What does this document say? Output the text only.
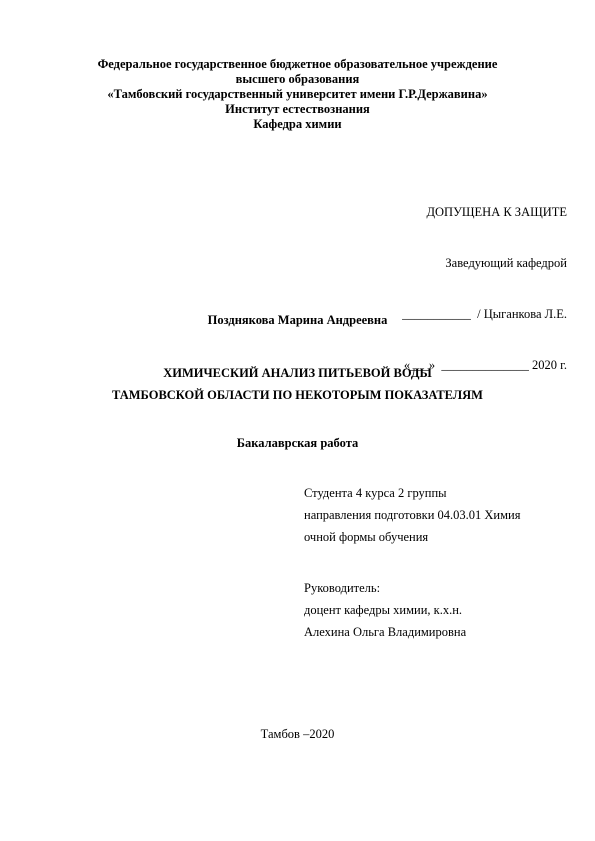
Федеральное государственное бюджетное образовательное учреждение
высшего образования
«Тамбовский государственный университет имени Г.Р.Державина»
Институт естествознания
Кафедра химии

ДОПУЩЕНА К ЗАЩИТЕ

Заведующий кафедрой

___________  / Цыганкова Л.Е.

«___»  ______________ 2020 г.

Позднякова Марина Андреевна
ХИМИЧЕСКИЙ АНАЛИЗ ПИТЬЕВОЙ ВОДЫ
ТАМБОВСКОЙ ОБЛАСТИ ПО НЕКОТОРЫМ ПОКАЗАТЕЛЯМ
Бакалаврская работа
Студента 4 курса 2 группы
направления подготовки 04.03.01 Химия
очной формы обучения
Руководитель:
доцент кафедры химии, к.х.н.
Алехина Ольга Владимировна
Тамбов –2020
